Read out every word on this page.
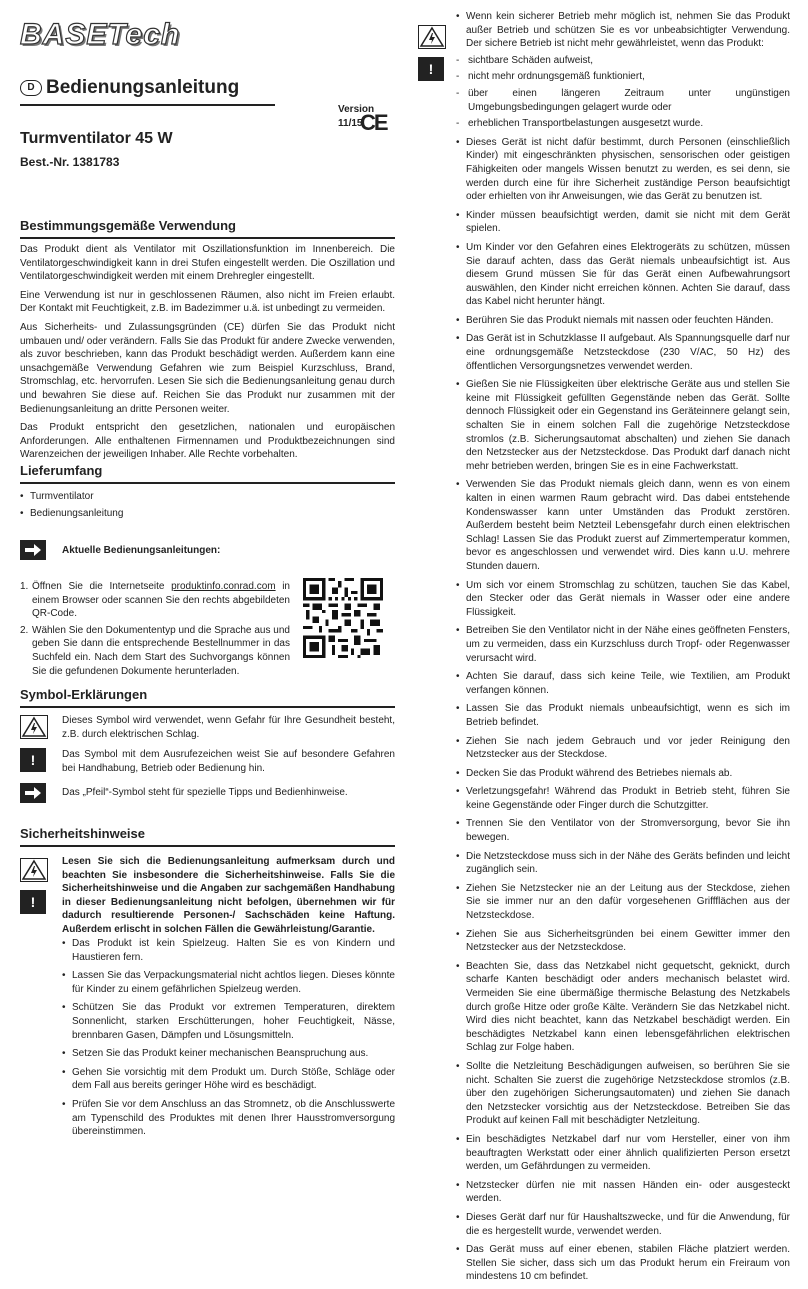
BASETech
D Bedienungsanleitung
Version 11/15
CE
Turmventilator 45 W
Best.-Nr. 1381783
Bestimmungsgemäße Verwendung

Das Produkt dient als Ventilator mit Oszillationsfunktion im Innenbereich. Die Ventilatorgeschwindigkeit kann in drei Stufen eingestellt werden. Die Oszillation und Ventilatorgeschwindigkeit werden mit einem Drehregler eingestellt.

Eine Verwendung ist nur in geschlossenen Räumen, also nicht im Freien erlaubt. Der Kontakt mit Feuchtigkeit, z.B. im Badezimmer u.ä. ist unbedingt zu vermeiden.

Aus Sicherheits- und Zulassungsgründen (CE) dürfen Sie das Produkt nicht umbauen und/ oder verändern. Falls Sie das Produkt für andere Zwecke verwenden, als zuvor beschrieben, kann das Produkt beschädigt werden. Außerdem kann eine unsachgemäße Verwendung Gefahren wie zum Beispiel Kurzschluss, Brand, Stromschlag, etc. hervorrufen. Lesen Sie sich die Bedienungsanleitung genau durch und bewahren Sie diese auf. Reichen Sie das Produkt nur zusammen mit der Bedienungsanleitung an dritte Personen weiter.

Das Produkt entspricht den gesetzlichen, nationalen und europäischen Anforderungen. Alle enthaltenen Firmennamen und Produktbezeichnungen sind Warenzeichen der jeweiligen Inhaber. Alle Rechte vorbehalten.

Lieferumfang
• Turmventilator
• Bedienungsanleitung
Aktuelle Bedienungsanleitungen:
1. Öffnen Sie die Internetseite produktinfo.conrad.com in einem Browser oder scannen Sie den rechts abgebildeten QR-Code.
2. Wählen Sie den Dokumententyp und die Sprache aus und geben Sie dann die entsprechende Bestellnummer in das Suchfeld ein. Nach dem Start des Suchvorgangs können Sie die gefundenen Dokumente herunterladen.
Symbol-Erklärungen
Dieses Symbol wird verwendet, wenn Gefahr für Ihre Gesundheit besteht, z.B. durch elektrischen Schlag.
!	Das Symbol mit dem Ausrufezeichen weist Sie auf besondere Gefahren bei Handhabung, Betrieb oder Bedienung hin.
Das „Pfeil“-Symbol steht für spezielle Tipps und Bedienhinweise.
Sicherheitshinweise
!
Lesen Sie sich die Bedienungsanleitung aufmerksam durch und beachten Sie insbesondere die Sicherheitshinweise. Falls Sie die Sicherheitshinweise und die Angaben zur sachgemäßen Handhabung in dieser Bedienungsanleitung nicht befolgen, übernehmen wir für dadurch resultierende Personen-/ Sachschäden keine Haftung. Außerdem erlischt in solchen Fällen die Gewährleistung/Garantie.
• Das Produkt ist kein Spielzeug. Halten Sie es von Kindern und Haustieren fern.
• Lassen Sie das Verpackungsmaterial nicht achtlos liegen. Dieses könnte für Kinder zu einem gefährlichen Spielzeug werden.
• Schützen Sie das Produkt vor extremen Temperaturen, direktem Sonnenlicht, starken Erschütterungen, hoher Feuchtigkeit, Nässe, brennbaren Gasen, Dämpfen und Lösungsmitteln.
• Setzen Sie das Produkt keiner mechanischen Beanspruchung aus.
• Gehen Sie vorsichtig mit dem Produkt um. Durch Stöße, Schläge oder dem Fall aus bereits geringer Höhe wird es beschädigt.
• Prüfen Sie vor dem Anschluss an das Stromnetz, ob die Anschlusswerte am Typenschild des Produktes mit denen Ihrer Hausstromversorgung übereinstimmen.
!
• Wenn kein sicherer Betrieb mehr möglich ist, nehmen Sie das Produkt außer Betrieb und schützen Sie es vor unbeabsichtigter Verwendung. Der sichere Betrieb ist nicht mehr gewährleistet, wenn das Produkt:
- sichtbare Schäden aufweist,
- nicht mehr ordnungsgemäß funktioniert,
- über einen längeren Zeitraum unter ungünstigen Umgebungsbedingungen gelagert wurde oder
- erheblichen Transportbelastungen ausgesetzt wurde.
• Dieses Gerät ist nicht dafür bestimmt, durch Personen (einschließlich Kinder) mit eingeschränkten physischen, sensorischen oder geistigen Fähigkeiten oder mangels Wissen benutzt zu werden, es sei denn, sie werden durch eine für ihre Sicherheit zuständige Person beaufsichtigt oder erhielten von ihr Anweisungen, wie das Gerät zu benutzen ist.
• Kinder müssen beaufsichtigt werden, damit sie nicht mit dem Gerät spielen.
• Um Kinder vor den Gefahren eines Elektrogeräts zu schützen, müssen Sie darauf achten, dass das Gerät niemals unbeaufsichtigt ist. Aus diesem Grund müssen Sie für das Gerät einen Aufbewahrungsort auswählen, den Kinder nicht erreichen können. Achten Sie darauf, dass das Kabel nicht herunter hängt.
• Berühren Sie das Produkt niemals mit nassen oder feuchten Händen.
• Das Gerät ist in Schutzklasse II aufgebaut. Als Spannungsquelle darf nur eine ordnungsgemäße Netzsteckdose (230 V/AC, 50 Hz) des öffentlichen Versorgungsnetzes verwendet werden.
• Gießen Sie nie Flüssigkeiten über elektrische Geräte aus und stellen Sie keine mit Flüssigkeit gefüllten Gegenstände neben das Gerät. Sollte dennoch Flüssigkeit oder ein Gegenstand ins Geräteinnere gelangt sein, schalten Sie in einem solchen Fall die zugehörige Netzsteckdose stromlos (z.B. Sicherungsautomat abschalten) und ziehen Sie danach den Netzstecker aus der Netzsteckdose. Das Produkt darf danach nicht mehr betrieben werden, bringen Sie es in eine Fachwerkstatt.
• Verwenden Sie das Produkt niemals gleich dann, wenn es von einem kalten in einen warmen Raum gebracht wird. Das dabei entstehende Kondenswasser kann unter Umständen das Produkt zerstören. Außerdem besteht beim Netzteil Lebensgefahr durch einen elektrischen Schlag! Lassen Sie das Produkt zuerst auf Zimmertemperatur kommen, bevor es angeschlossen und verwendet wird. Dies kann u.U. mehrere Stunden dauern.
• Um sich vor einem Stromschlag zu schützen, tauchen Sie das Kabel, den Stecker oder das Gerät niemals in Wasser oder eine andere Flüssigkeit.
• Betreiben Sie den Ventilator nicht in der Nähe eines geöffneten Fensters, um zu vermeiden, dass ein Kurzschluss durch Tropf- oder Regenwasser verursacht wird.
• Achten Sie darauf, dass sich keine Teile, wie Textilien, am Produkt verfangen können.
• Lassen Sie das Produkt niemals unbeaufsichtigt, wenn es sich im Betrieb befindet.
• Ziehen Sie nach jedem Gebrauch und vor jeder Reinigung den Netzstecker aus der Steckdose.
• Decken Sie das Produkt während des Betriebes niemals ab.
• Verletzungsgefahr! Während das Produkt in Betrieb steht, führen Sie keine Gegenstände oder Finger durch die Schutzgitter.
• Trennen Sie den Ventilator von der Stromversorgung, bevor Sie ihn bewegen.
• Die Netzsteckdose muss sich in der Nähe des Geräts befinden und leicht zugänglich sein.
• Ziehen Sie Netzstecker nie an der Leitung aus der Steckdose, ziehen Sie sie immer nur an den dafür vorgesehenen Griffflächen aus der Netzsteckdose.
• Ziehen Sie aus Sicherheitsgründen bei einem Gewitter immer den Netzstecker aus der Netzsteckdose.
• Beachten Sie, dass das Netzkabel nicht gequetscht, geknickt, durch scharfe Kanten beschädigt oder anders mechanisch belastet wird. Vermeiden Sie eine übermäßige thermische Belastung des Netzkabels durch große Hitze oder große Kälte. Verändern Sie das Netzkabel nicht. Wird dies nicht beachtet, kann das Netzkabel beschädigt werden. Ein beschädigtes Netzkabel kann einen lebensgefährlichen elektrischen Schlag zur Folge haben.
• Sollte die Netzleitung Beschädigungen aufweisen, so berühren Sie sie nicht. Schalten Sie zuerst die zugehörige Netzsteckdose stromlos (z.B. über den zugehörigen Sicherungsautomaten) und ziehen Sie danach den Netzstecker vorsichtig aus der Netzsteckdose. Betreiben Sie das Produkt auf keinen Fall mit beschädigter Netzleitung.
• Ein beschädigtes Netzkabel darf nur vom Hersteller, einer von ihm beauftragten Werkstatt oder einer ähnlich qualifizierten Person ersetzt werden, um Gefährdungen zu vermeiden.
• Netzstecker dürfen nie mit nassen Händen ein- oder ausgesteckt werden.
• Dieses Gerät darf nur für Haushaltszwecke, und für die Anwendung, für die es hergestellt wurde, verwendet werden.
• Das Gerät muss auf einer ebenen, stabilen Fläche platziert werden. Stellen Sie sicher, dass sich um das Produkt herum ein Freiraum von mindestens 10 cm befindet.
